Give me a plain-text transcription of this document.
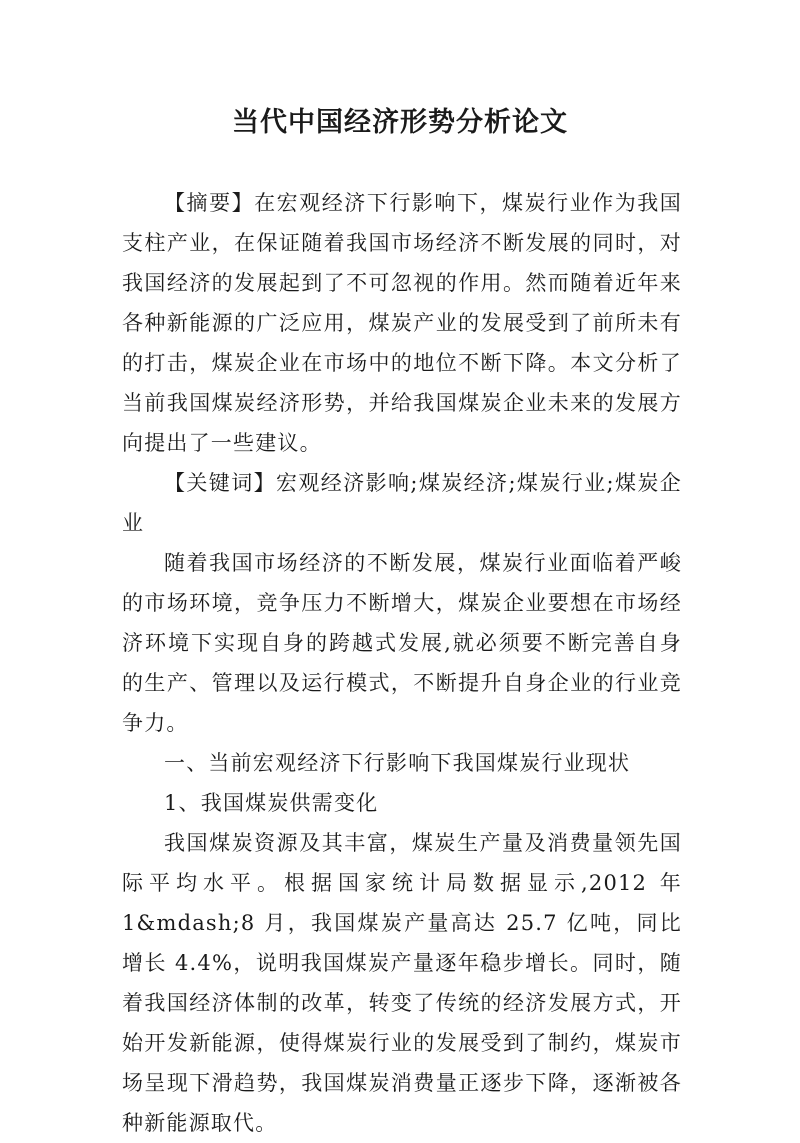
当代中国经济形势分析论文

【摘要】在宏观经济下行影响下，煤炭行业作为我国支柱产业，在保证随着我国市场经济不断发展的同时，对我国经济的发展起到了不可忽视的作用。然而随着近年来各种新能源的广泛应用，煤炭产业的发展受到了前所未有的打击，煤炭企业在市场中的地位不断下降。本文分析了当前我国煤炭经济形势，并给我国煤炭企业未来的发展方向提出了一些建议。

【关键词】宏观经济影响;煤炭经济;煤炭行业;煤炭企业

随着我国市场经济的不断发展，煤炭行业面临着严峻的市场环境，竞争压力不断增大，煤炭企业要想在市场经济环境下实现自身的跨越式发展,就必须要不断完善自身的生产、管理以及运行模式，不断提升自身企业的行业竞争力。

一、当前宏观经济下行影响下我国煤炭行业现状

1、我国煤炭供需变化

我国煤炭资源及其丰富，煤炭生产量及消费量领先国际平均水平。根据国家统计局数据显示,2012 年 1&mdash;8 月，我国煤炭产量高达 25.7 亿吨，同比增长 4.4%，说明我国煤炭产量逐年稳步增长。同时，随着我国经济体制的改革，转变了传统的经济发展方式，开始开发新能源，使得煤炭行业的发展受到了制约，煤炭市场呈现下滑趋势，我国煤炭消费量正逐步下降，逐渐被各种新能源取代。
